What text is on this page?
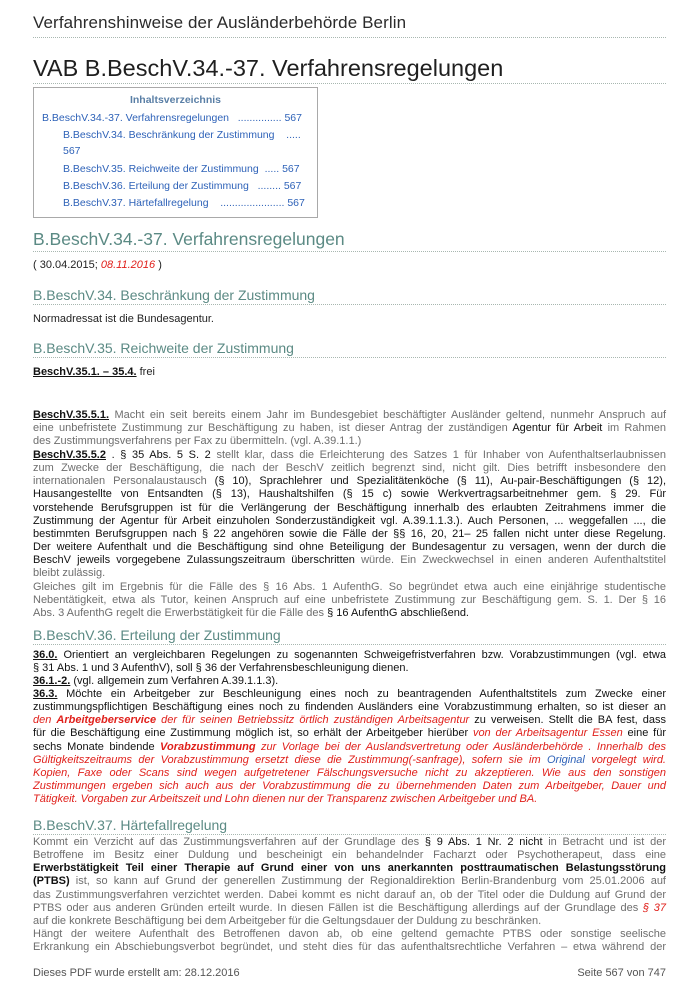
Verfahrenshinweise der Ausländerbehörde Berlin
VAB B.BeschV.34.-37. Verfahrensregelungen
Inhaltsverzeichnis
B.BeschV.34.-37. Verfahrensregelungen ............... 567
B.BeschV.34. Beschränkung der Zustimmung .....
567
B.BeschV.35. Reichweite der Zustimmung ..... 567
B.BeschV.36. Erteilung der Zustimmung ........ 567
B.BeschV.37. Härtefallregelung ...................... 567
B.BeschV.34.-37. Verfahrensregelungen
( 30.04.2015; 08.11.2016 )
B.BeschV.34. Beschränkung der Zustimmung
Normadressat ist die Bundesagentur.
B.BeschV.35. Reichweite der Zustimmung
BeschV.35.1. – 35.4. frei
BeschV.35.5.1. Macht ein seit bereits einem Jahr im Bundesgebiet beschäftigter Ausländer geltend, nunmehr Anspruch auf
eine unbefristete Zustimmung zur Beschäftigung zu haben, ist dieser Antrag der zuständigen Agentur für Arbeit im Rahmen
des Zustimmungsverfahrens per Fax zu übermitteln. (vgl. A.39.1.1.)
BeschV.35.5.2 . § 35 Abs. 5 S. 2 stellt klar, dass die Erleichterung des Satzes 1 für Inhaber von Aufenthaltserlaubnissen
zum Zwecke der Beschäftigung, die nach der BeschV zeitlich begrenzt sind, nicht gilt. Dies betrifft insbesondere den
internationalen Personalaustausch (§ 10), Sprachlehrer und Spezialitätenköche (§ 11), Au-pair-Beschäftigungen (§ 12),
Hausangestellte von Entsandten (§ 13), Haushaltshilfen (§ 15 c) sowie Werkvertragsarbeitnehmer gem. § 29. Für
vorstehende Berufsgruppen ist für die Verlängerung der Beschäftigung innerhalb des erlaubten Zeitrahmens immer die
Zustimmung der Agentur für Arbeit einzuholen Sonderzuständigkeit vgl. A.39.1.1.3.). Auch Personen, ... weggefallen ..., die
bestimmten Berufsgruppen nach § 22 angehören sowie die Fälle der §§ 16, 20, 21– 25 fallen nicht unter diese Regelung.
Der weitere Aufenthalt und die Beschäftigung sind ohne Beteiligung der Bundesagentur zu versagen, wenn der durch die
BeschV jeweils vorgegebene Zulassungszeitraum überschritten würde. Ein Zweckwechsel in einen anderen Aufenthaltstitel
bleibt zulässig.
Gleiches gilt im Ergebnis für die Fälle des § 16 Abs. 1 AufenthG. So begründet etwa auch eine einjährige studentische
Nebentätigkeit, etwa als Tutor, keinen Anspruch auf eine unbefristete Zustimmung zur Beschäftigung gem. S. 1. Der § 16
Abs. 3 AufenthG regelt die Erwerbstätigkeit für die Fälle des § 16 AufenthG abschließend.
B.BeschV.36. Erteilung der Zustimmung
36.0. Orientiert an vergleichbaren Regelungen zu sogenannten Schweigefristverfahren bzw. Vorabzustimmungen (vgl. etwa
§ 31 Abs. 1 und 3 AufenthV), soll § 36 der Verfahrensbeschleunigung dienen.
36.1.-2. (vgl. allgemein zum Verfahren A.39.1.1.3).
36.3. Möchte ein Arbeitgeber zur Beschleunigung eines noch zu beantragenden Aufenthaltstitels zum Zwecke einer
zustimmungspflichtigen Beschäftigung eines noch zu findenden Ausländers eine Vorabzustimmung erhalten, so ist dieser an
den Arbeitgeberservice der für seinen Betriebssitz örtlich zuständigen Arbeitsagentur zu verweisen. Stellt die BA fest, dass
für die Beschäftigung eine Zustimmung möglich ist, so erhält der Arbeitgeber hierüber von der Arbeitsagentur Essen eine für
sechs Monate bindende Vorabzustimmung zur Vorlage bei der Auslandsvertretung oder Ausländerbehörde . Innerhalb des
Gültigkeitszeitraums der Vorabzustimmung ersetzt diese die Zustimmung(-sanfrage), sofern sie im Original vorgelegt wird.
Kopien, Faxe oder Scans sind wegen aufgetretener Fälschungsversuche nicht zu akzeptieren. Wie aus den sonstigen
Zustimmungen ergeben sich auch aus der Vorabzustimmung die zu übernehmenden Daten zum Arbeitgeber, Dauer und
Tätigkeit. Vorgaben zur Arbeitszeit und Lohn dienen nur der Transparenz zwischen Arbeitgeber und BA.
B.BeschV.37. Härtefallregelung
Kommt ein Verzicht auf das Zustimmungsverfahren auf der Grundlage des § 9 Abs. 1 Nr. 2 nicht in Betracht und ist der
Betroffene im Besitz einer Duldung und bescheinigt ein behandelnder Facharzt oder Psychotherapeut, dass eine
Erwerbstätigkeit Teil einer Therapie auf Grund einer von uns anerkannten posttraumatischen Belastungsstörung
(PTBS) ist, so kann auf Grund der generellen Zustimmung der Regionaldirektion Berlin-Brandenburg vom 25.01.2006 auf
das Zustimmungsverfahren verzichtet werden. Dabei kommt es nicht darauf an, ob der Titel oder die Duldung auf Grund der
PTBS oder aus anderen Gründen erteilt wurde. In diesen Fällen ist die Beschäftigung allerdings auf der Grundlage des § 37
auf die konkrete Beschäftigung bei dem Arbeitgeber für die Geltungsdauer der Duldung zu beschränken.
Hängt der weitere Aufenthalt des Betroffenen davon ab, ob eine geltend gemachte PTBS oder sonstige seelische
Erkrankung ein Abschiebungsverbot begründet, und steht dies für das aufenthaltsrechtliche Verfahren – etwa während der
Dieses PDF wurde erstellt am: 28.12.2016	Seite 567 von 747
